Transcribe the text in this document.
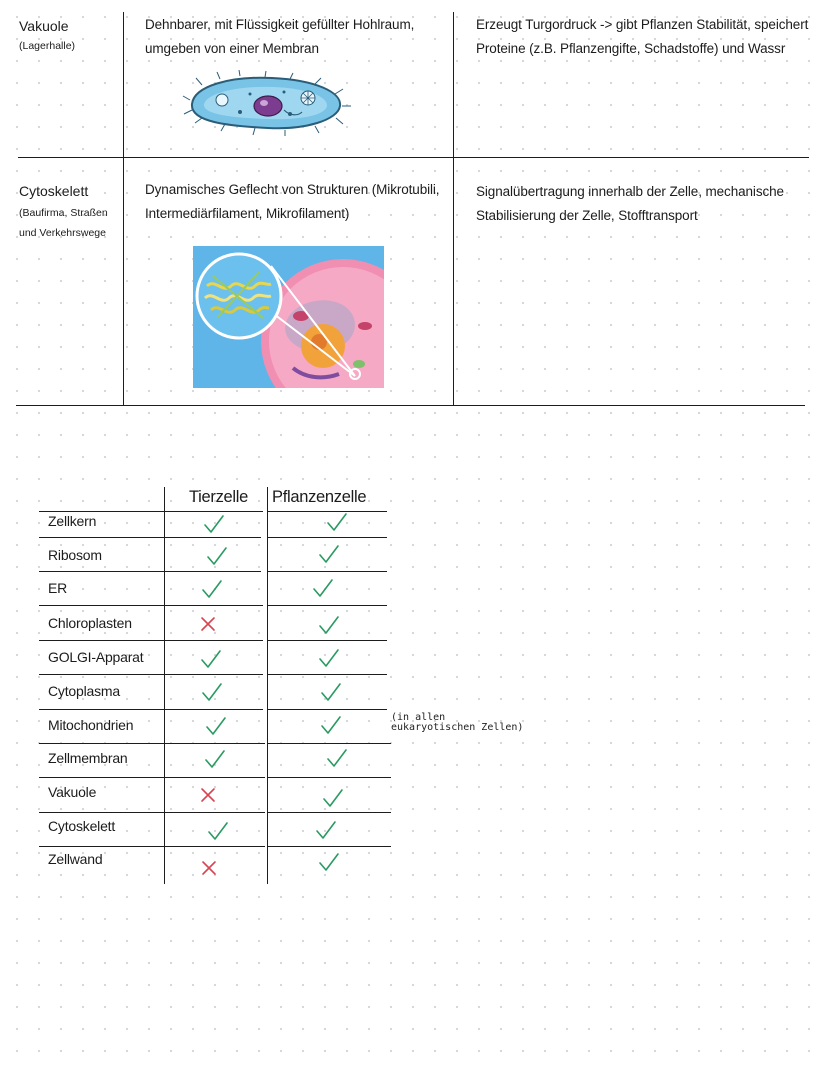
Vakuole
(Lagerhalle)
Dehnbarer, mit Flüssigkeit gefüllter Hohlraum, umgeben von einer Membran
Erzeugt Turgordruck -> gibt Pflanzen Stabilität, speichert Proteine (z.B. Pflanzengifte, Schadstoffe) und Wassr
Cytoskelett
(Baufirma, Straßen und Verkehrswege
Dynamisches Geflecht von Strukturen (Mikrotubili, Intermediärfilament, Mikrofilament)
Signalübertragung innerhalb der Zelle, mechanische Stabilisierung der Zelle, Stofftransport
Tierzelle Pflanzenzelle
Zellkern
Ribosom
ER
Chloroplasten
GOLGI-Apparat
Cytoplasma
Mitochondrien
Zellmembran
Vakuole
Cytoskelett
Zellwand
(in allen
eukaryotischen Zellen)
